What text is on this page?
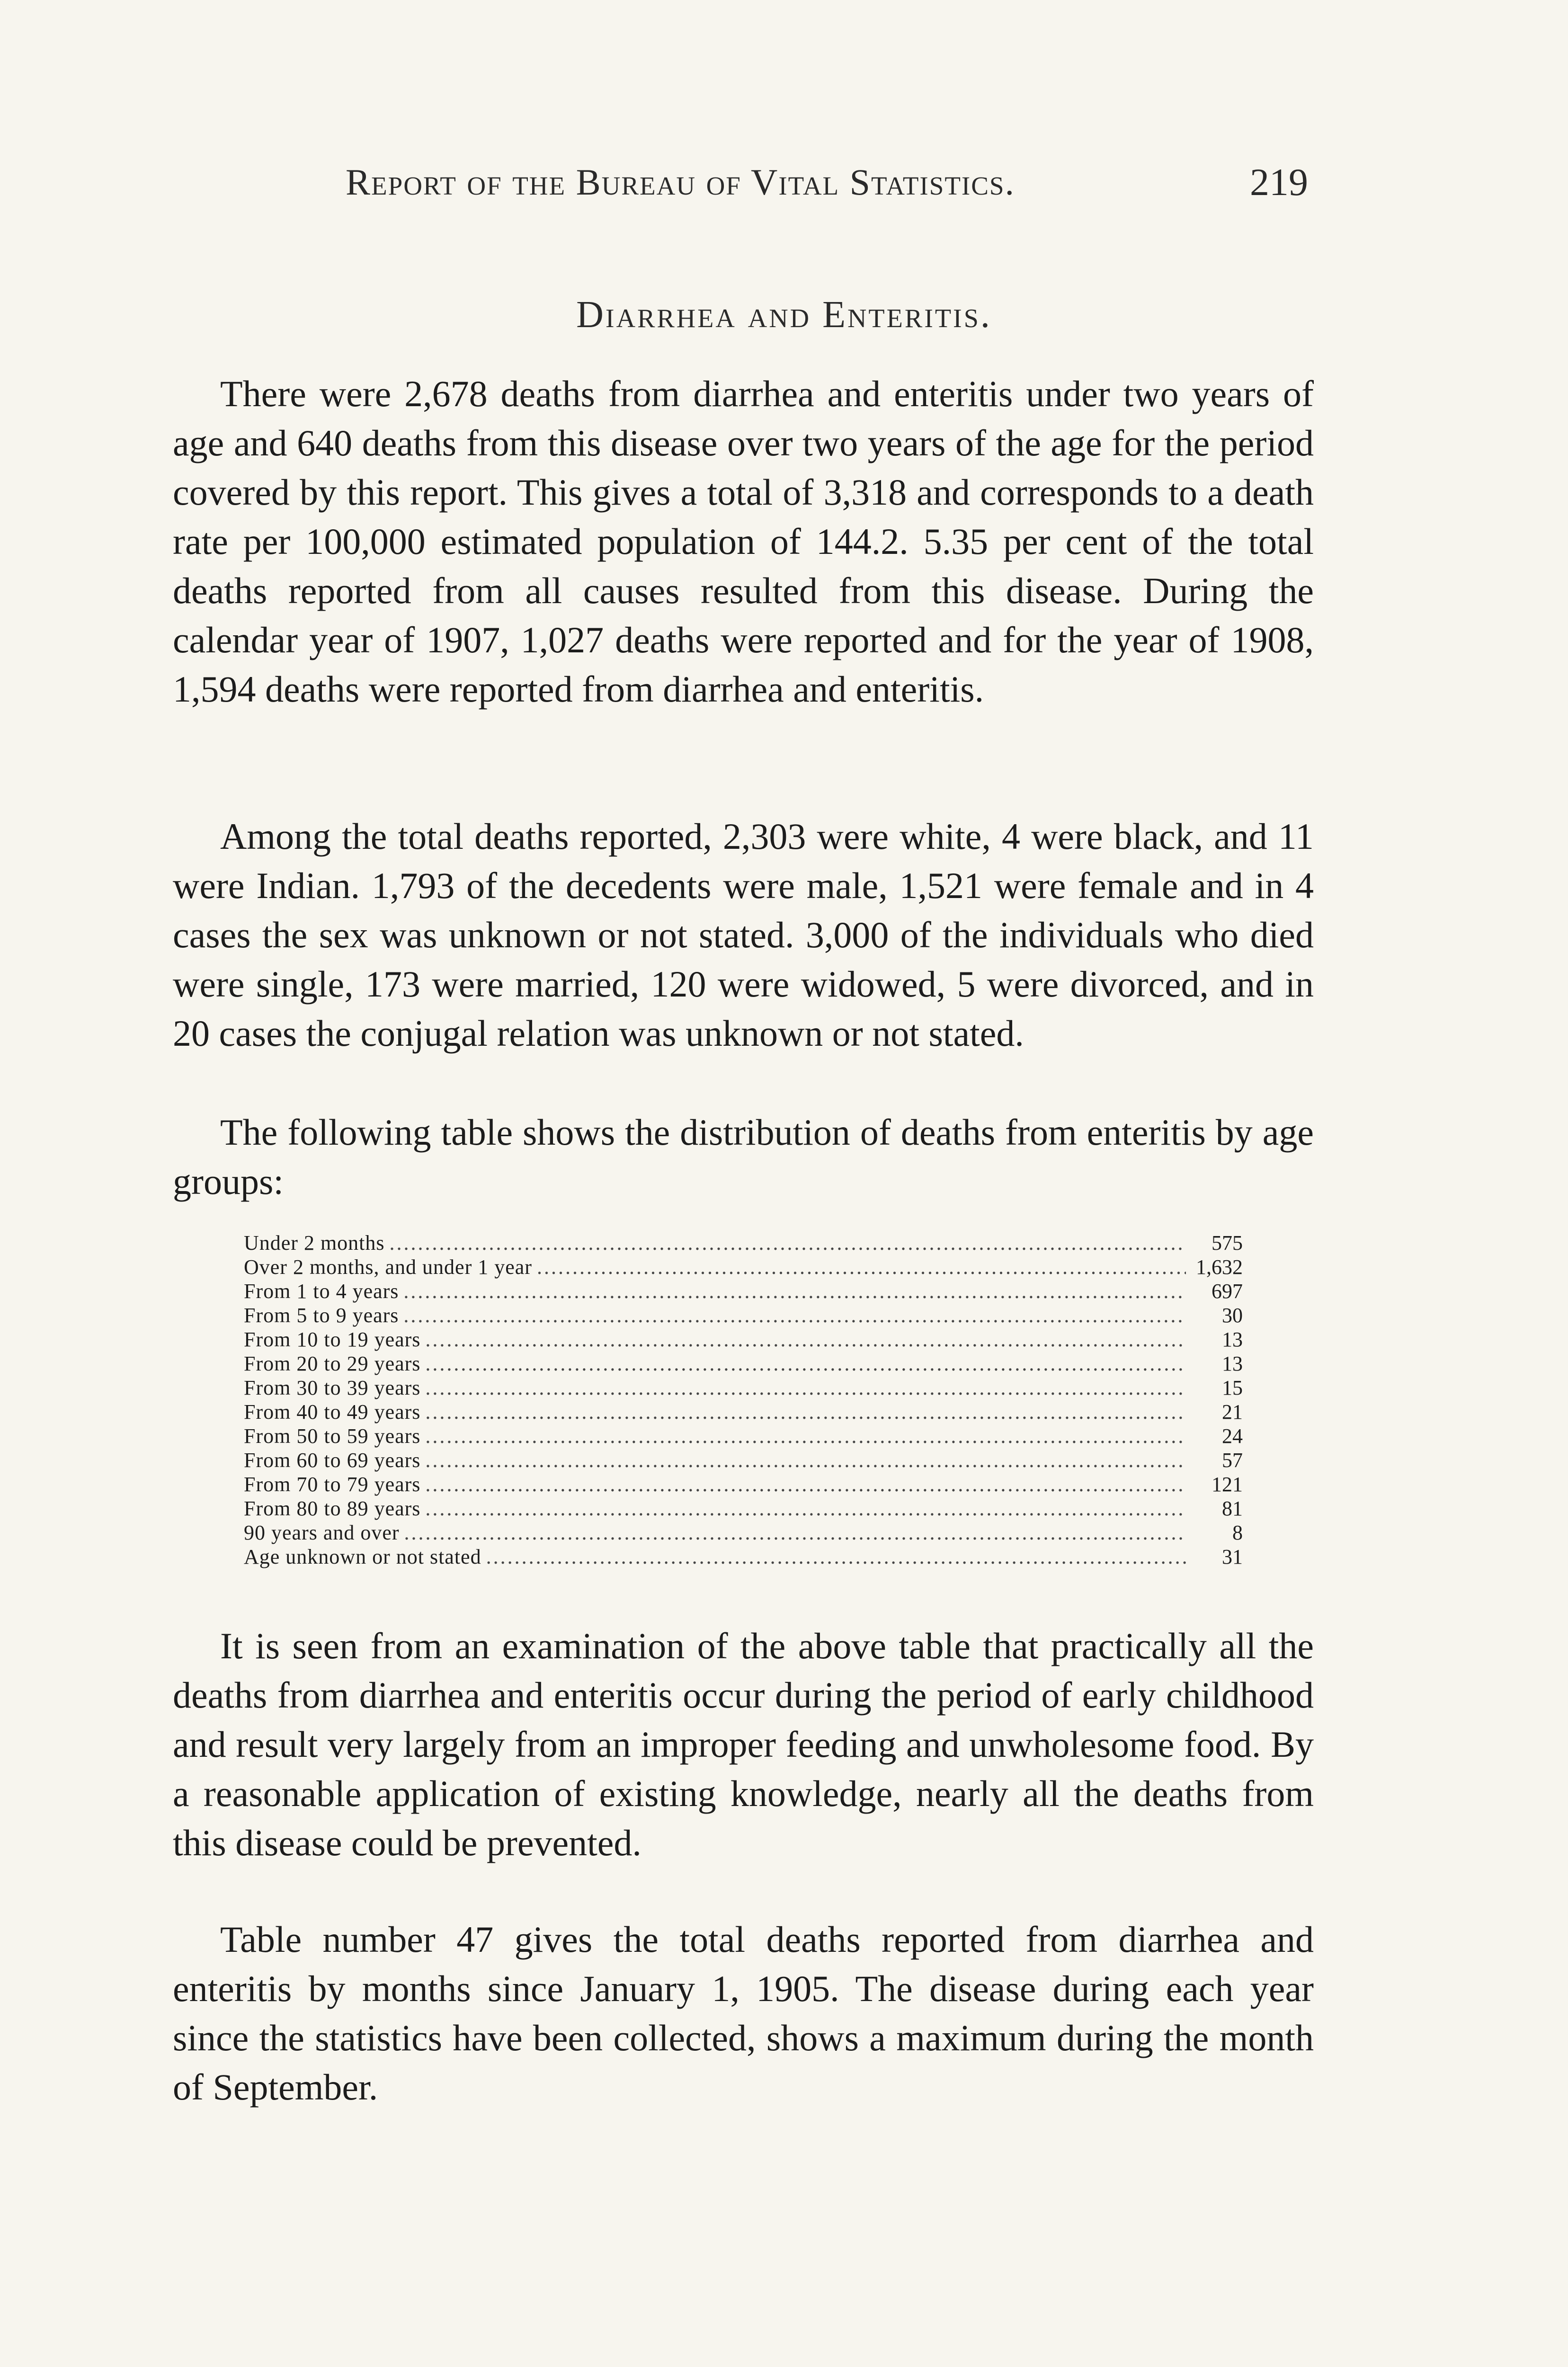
Report of the Bureau of Vital Statistics.	219
Diarrhea and Enteritis.

There were 2,678 deaths from diarrhea and enteritis under two years of age and 640 deaths from this disease over two years of the age for the period covered by this report. This gives a total of 3,318 and corresponds to a death rate per 100,000 estimated population of 144.2. 5.35 per cent of the total deaths reported from all causes resulted from this disease. During the calendar year of 1907, 1,027 deaths were reported and for the year of 1908, 1,594 deaths were reported from diarrhea and enteritis.

Among the total deaths reported, 2,303 were white, 4 were black, and 11 were Indian. 1,793 of the decedents were male, 1,521 were female and in 4 cases the sex was unknown or not stated. 3,000 of the individuals who died were single, 173 were married, 120 were widowed, 5 were divorced, and in 20 cases the conjugal relation was unknown or not stated.

The following table shows the distribution of deaths from enteritis by age groups:

Under 2 months .....	575
Over 2 months, and under 1 year .....	1,632
From 1 to 4 years .....	697
From 5 to 9 years .....	30
From 10 to 19 years .....	13
From 20 to 29 years .....	13
From 30 to 39 years .....	15
From 40 to 49 years .....	21
From 50 to 59 years .....	24
From 60 to 69 years .....	57
From 70 to 79 years .....	121
From 80 to 89 years .....	81
90 years and over .....	8
Age unknown or not stated .....	31

It is seen from an examination of the above table that practically all the deaths from diarrhea and enteritis occur during the period of early childhood and result very largely from an improper feeding and unwholesome food. By a reasonable application of existing knowledge, nearly all the deaths from this disease could be prevented.

Table number 47 gives the total deaths reported from diarrhea and enteritis by months since January 1, 1905. The disease during each year since the statistics have been collected, shows a maximum during the month of September.
